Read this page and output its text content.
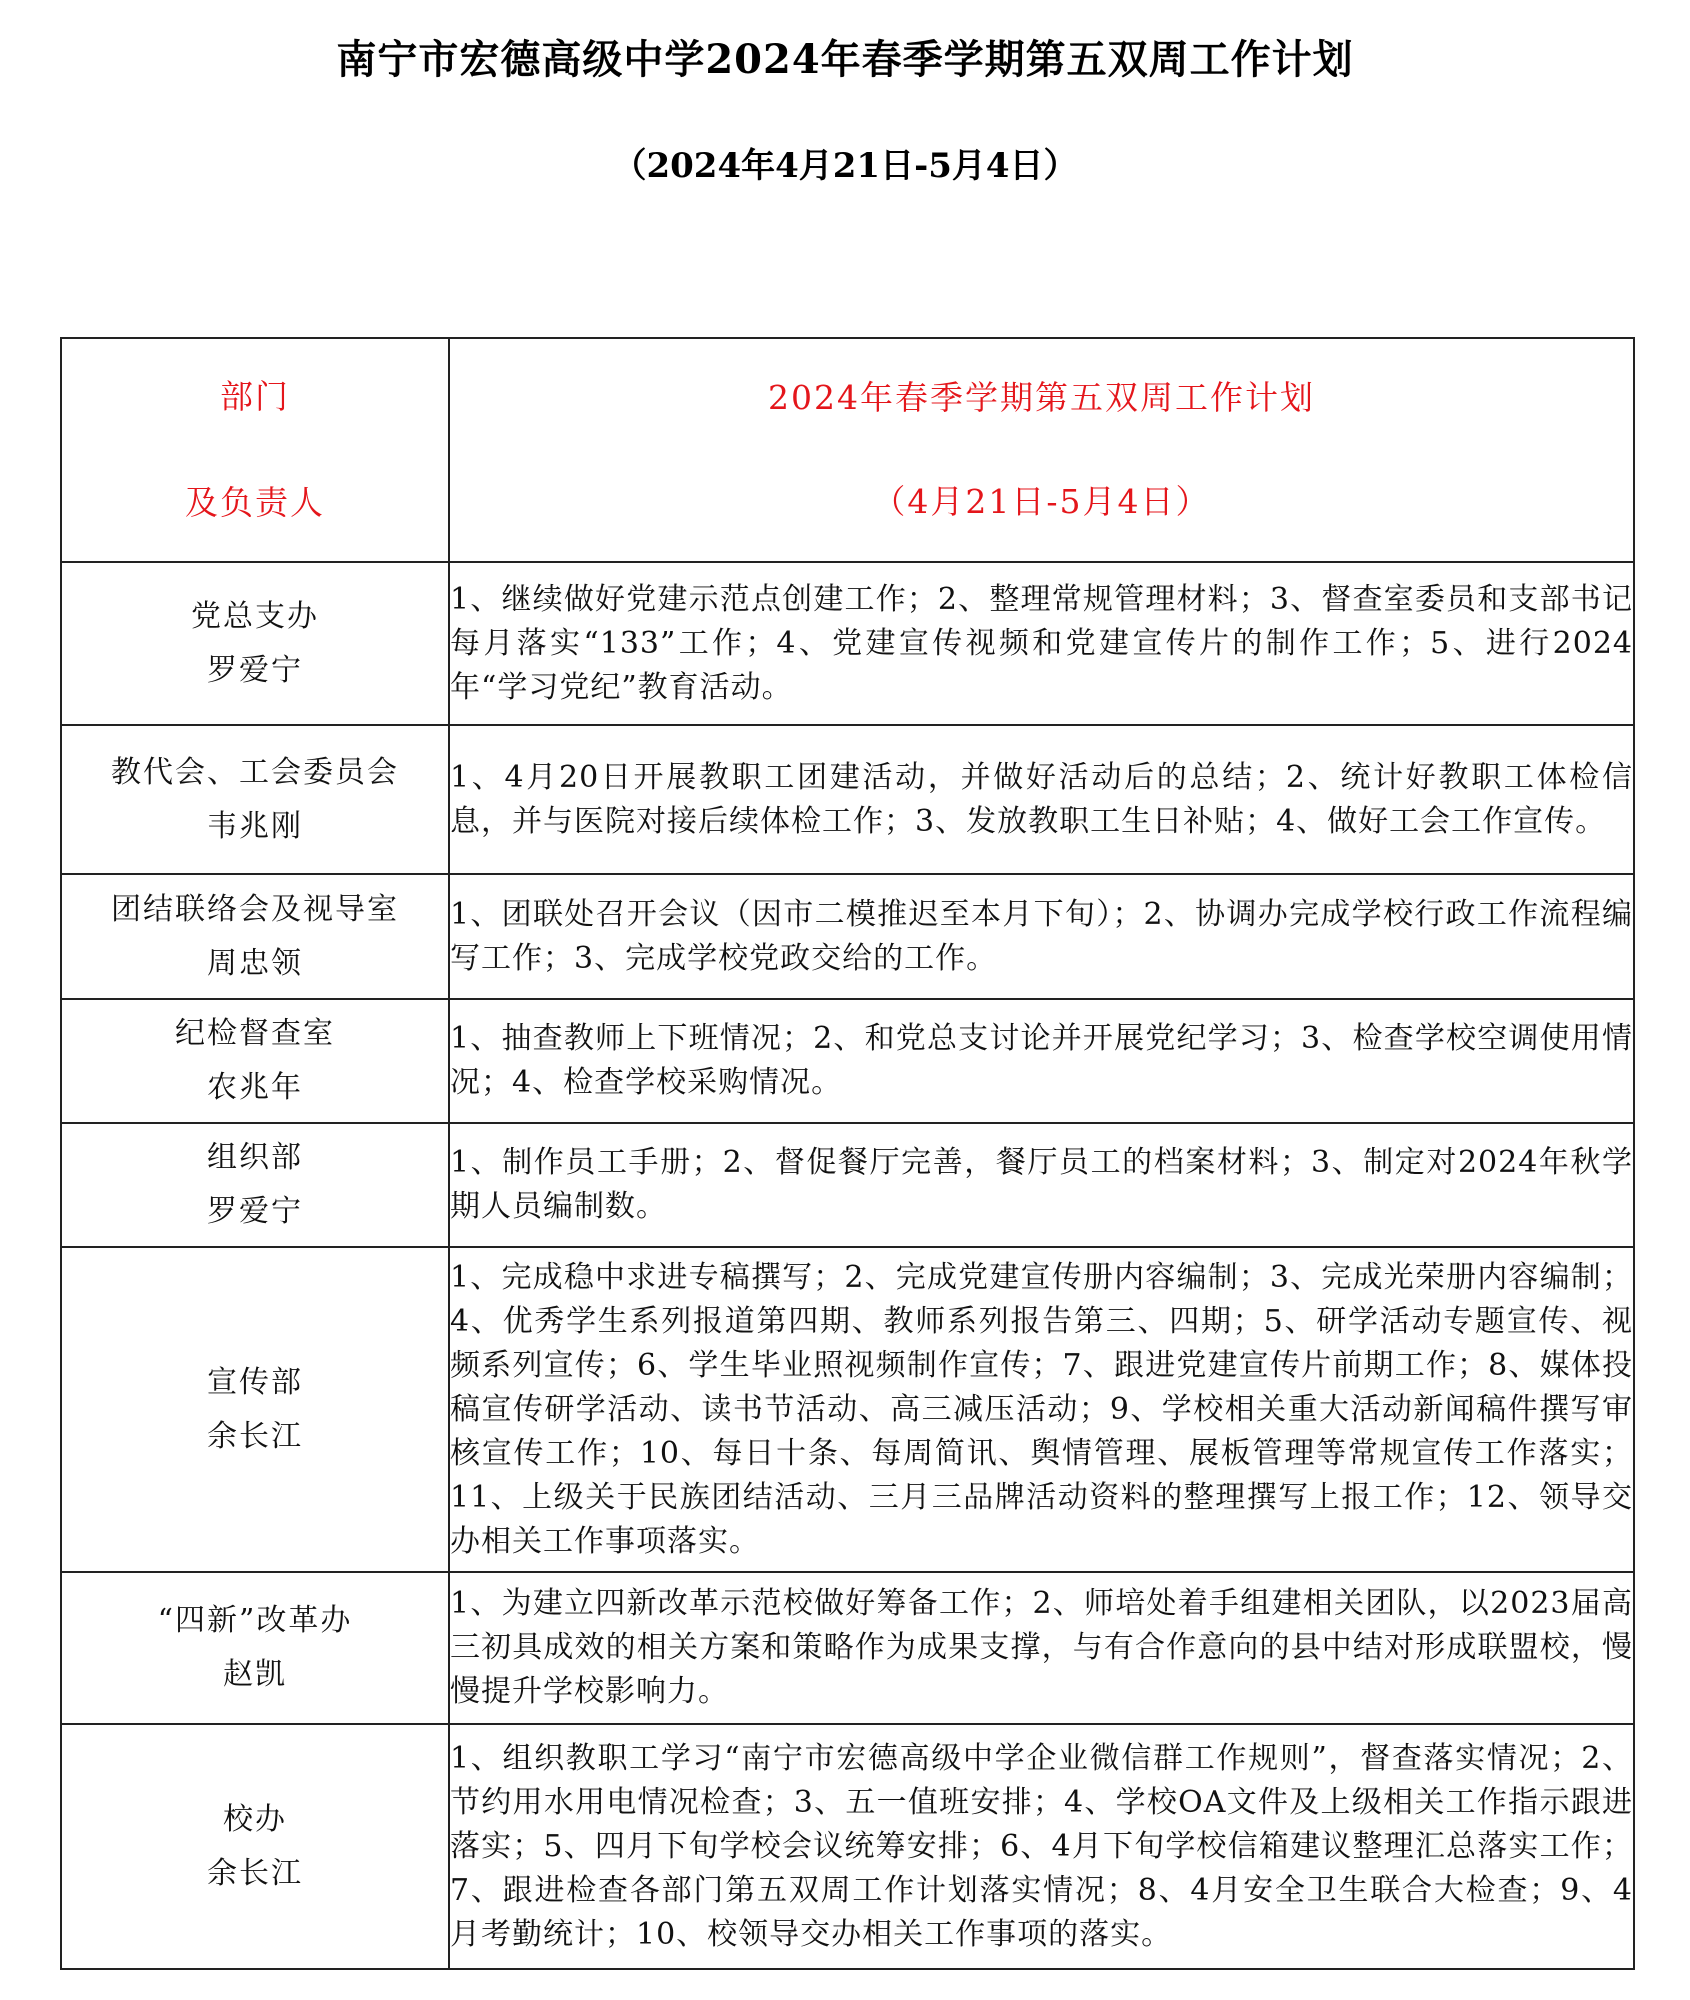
南宁市宏德高级中学2024年春季学期第五双周工作计划
（2024年4月21日-5月4日）
部门
及负责人	2024年春季学期第五双周工作计划
（4月21日-5月4日）

党总支办
罗爱宁	1、继续做好党建示范点创建工作；2、整理常规管理材料；3、督查室委员和支部书记每月落实“133”工作；4、党建宣传视频和党建宣传片的制作工作；5、进行2024年“学习党纪”教育活动。

教代会、工会委员会
韦兆刚	1、4月20日开展教职工团建活动，并做好活动后的总结；2、统计好教职工体检信息，并与医院对接后续体检工作；3、发放教职工生日补贴；4、做好工会工作宣传。

团结联络会及视导室
周忠领	1、团联处召开会议（因市二模推迟至本月下旬）；2、协调办完成学校行政工作流程编写工作；3、完成学校党政交给的工作。

纪检督查室
农兆年	1、抽查教师上下班情况；2、和党总支讨论并开展党纪学习；3、检查学校空调使用情况；4、检查学校采购情况。

组织部
罗爱宁	1、制作员工手册；2、督促餐厅完善，餐厅员工的档案材料；3、制定对2024年秋学期人员编制数。

宣传部
余长江	1、完成稳中求进专稿撰写；2、完成党建宣传册内容编制；3、完成光荣册内容编制；4、优秀学生系列报道第四期、教师系列报告第三、四期；5、研学活动专题宣传、视频系列宣传；6、学生毕业照视频制作宣传；7、跟进党建宣传片前期工作；8、媒体投稿宣传研学活动、读书节活动、高三减压活动；9、学校相关重大活动新闻稿件撰写审核宣传工作；10、每日十条、每周简讯、舆情管理、展板管理等常规宣传工作落实；11、上级关于民族团结活动、三月三品牌活动资料的整理撰写上报工作；12、领导交办相关工作事项落实。

“四新”改革办
赵凯	1、为建立四新改革示范校做好筹备工作；2、师培处着手组建相关团队，以2023届高三初具成效的相关方案和策略作为成果支撑，与有合作意向的县中结对形成联盟校，慢慢提升学校影响力。

校办
余长江	1、组织教职工学习“南宁市宏德高级中学企业微信群工作规则”，督查落实情况；2、节约用水用电情况检查；3、五一值班安排；4、学校OA文件及上级相关工作指示跟进落实；5、四月下旬学校会议统筹安排；6、4月下旬学校信箱建议整理汇总落实工作；7、跟进检查各部门第五双周工作计划落实情况；8、4月安全卫生联合大检查；9、4月考勤统计；10、校领导交办相关工作事项的落实。
